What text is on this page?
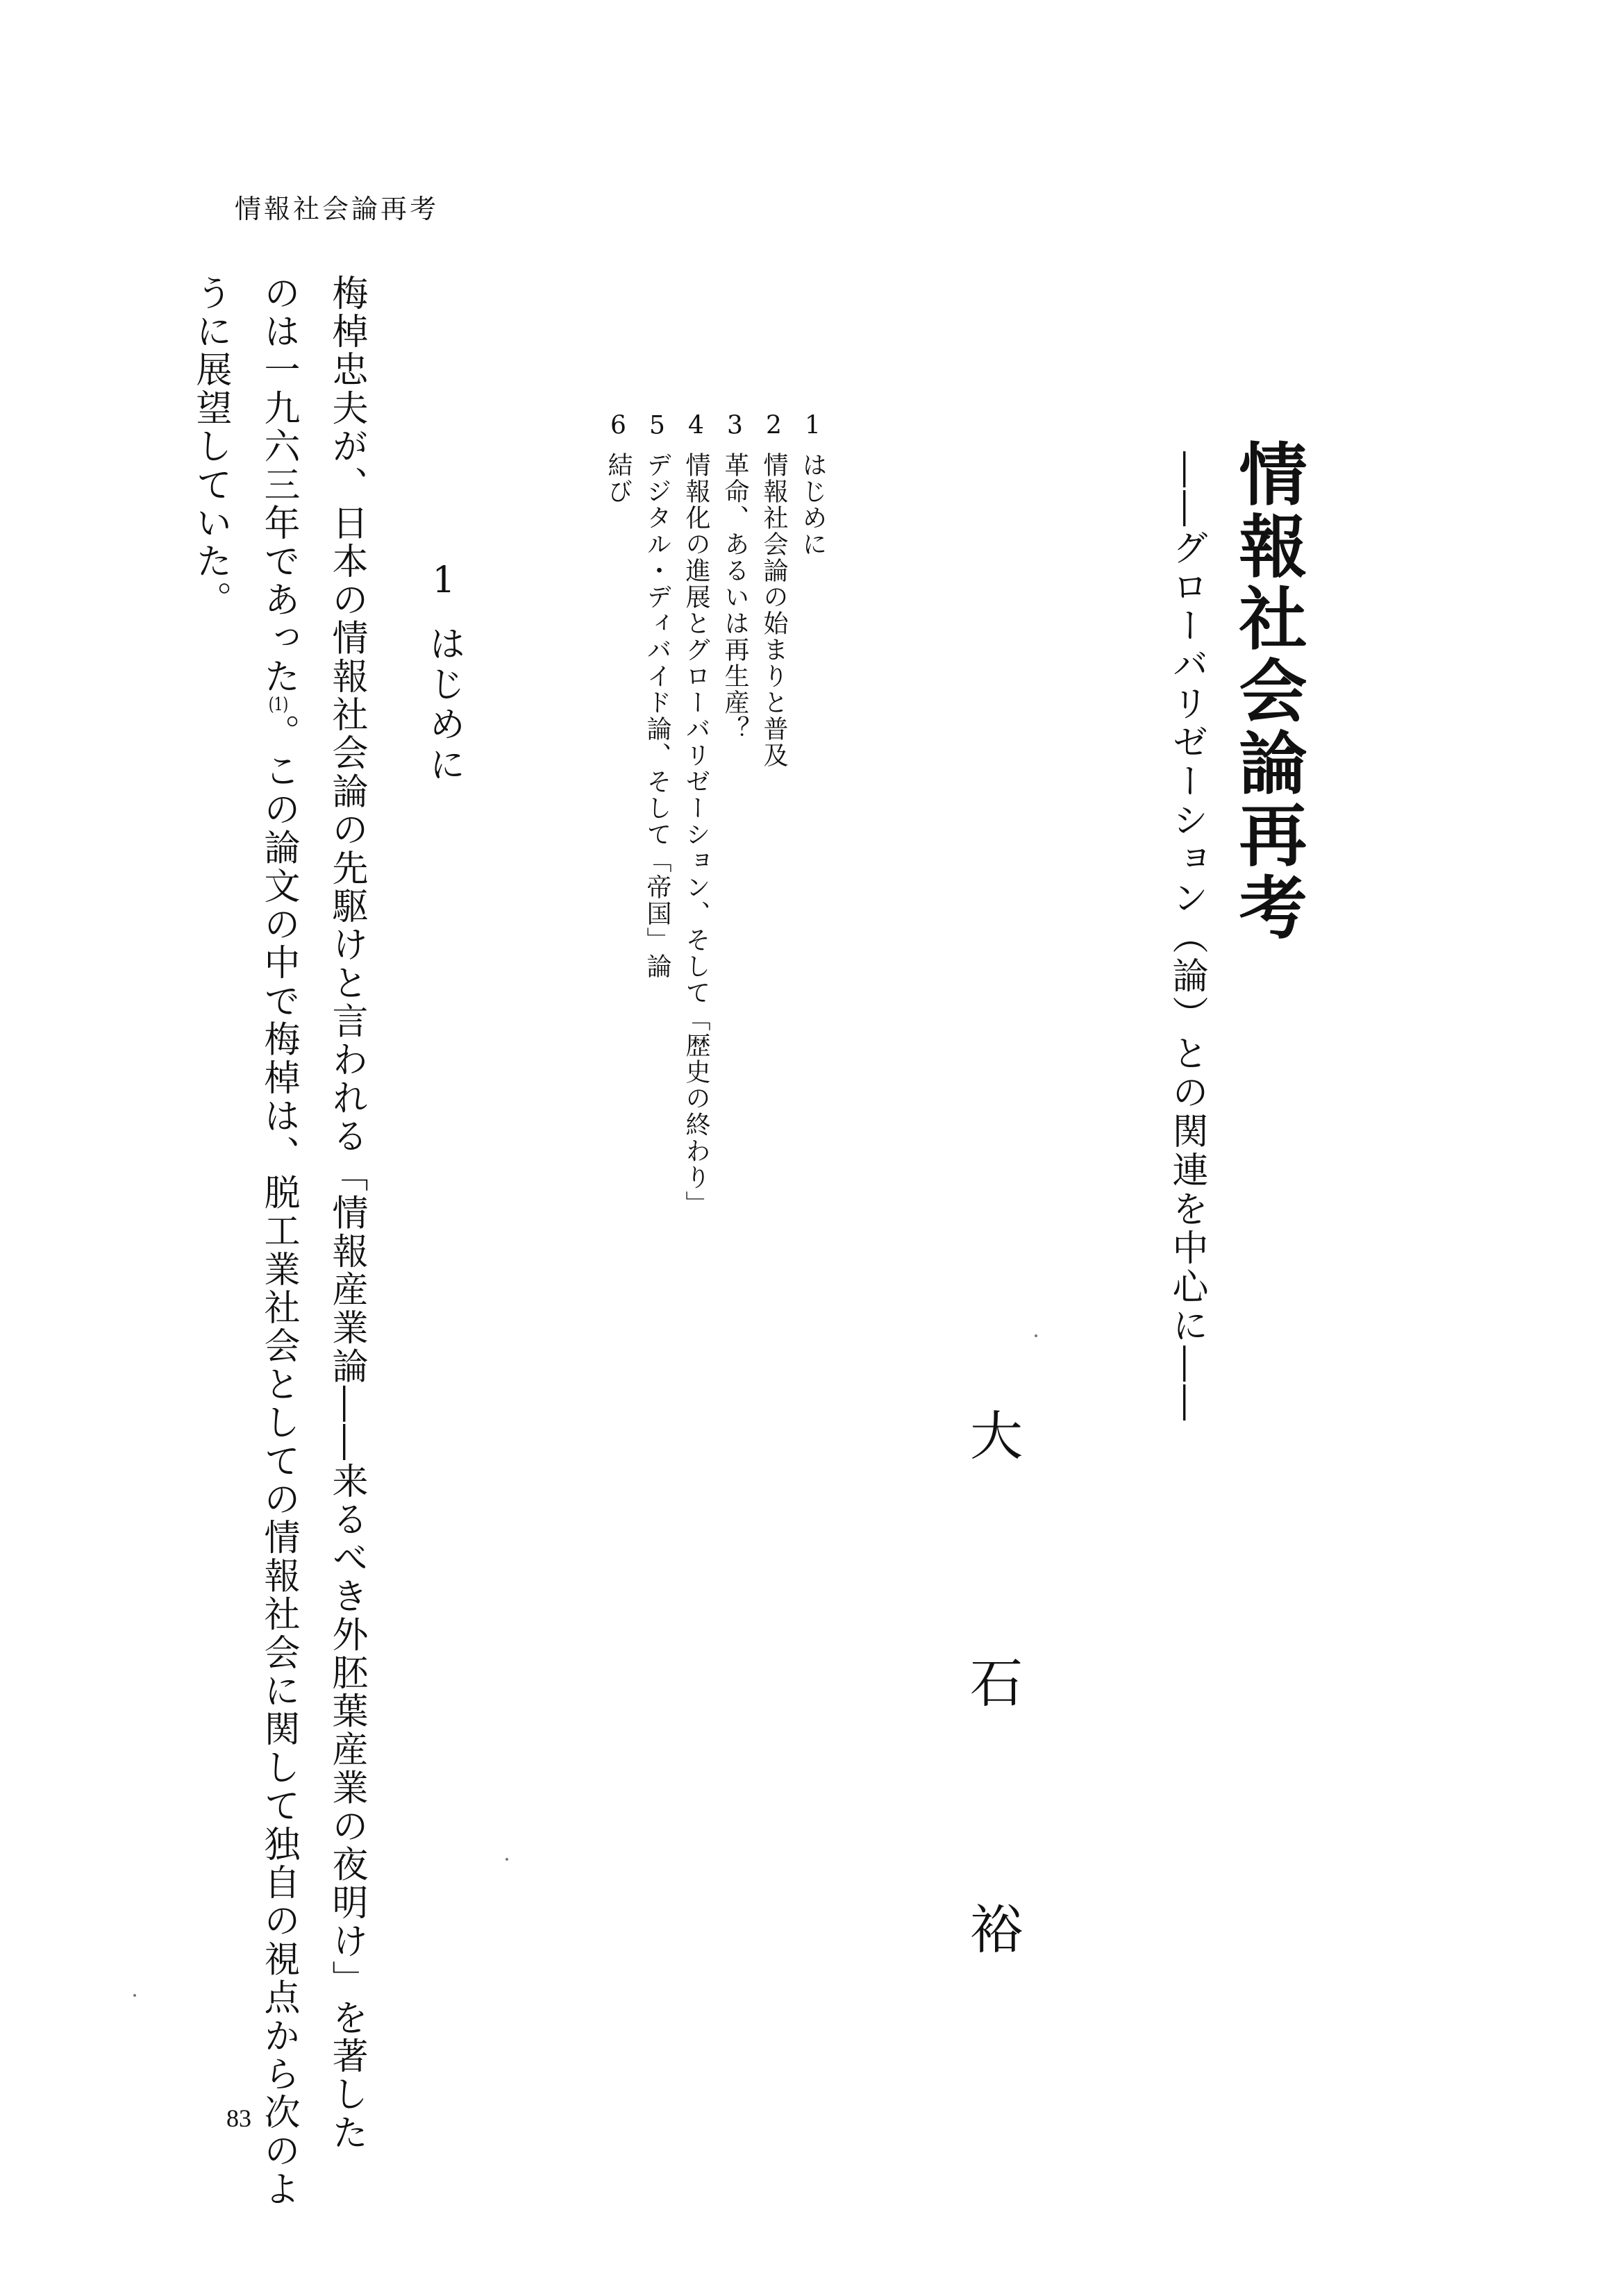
情報社会論再考
情報社会論再考
――グローバリゼーション（論）との関連を中心に――
大
石
裕
1はじめに
2情報社会論の始まりと普及
3革命、あるいは再生産？
4情報化の進展とグローバリゼーション、そして「歴史の終わり」
5デジタル・ディバイド論、そして「帝国」論
6結び
1はじめに
梅棹忠夫が、日本の情報社会論の先駆けと言われる「情報産業論――来るべき外胚葉産業の夜明け」を著した
のは一九六三年であった(1)。この論文の中で梅棹は、脱工業社会としての情報社会に関して独自の視点から次のよ
うに展望していた。
83
